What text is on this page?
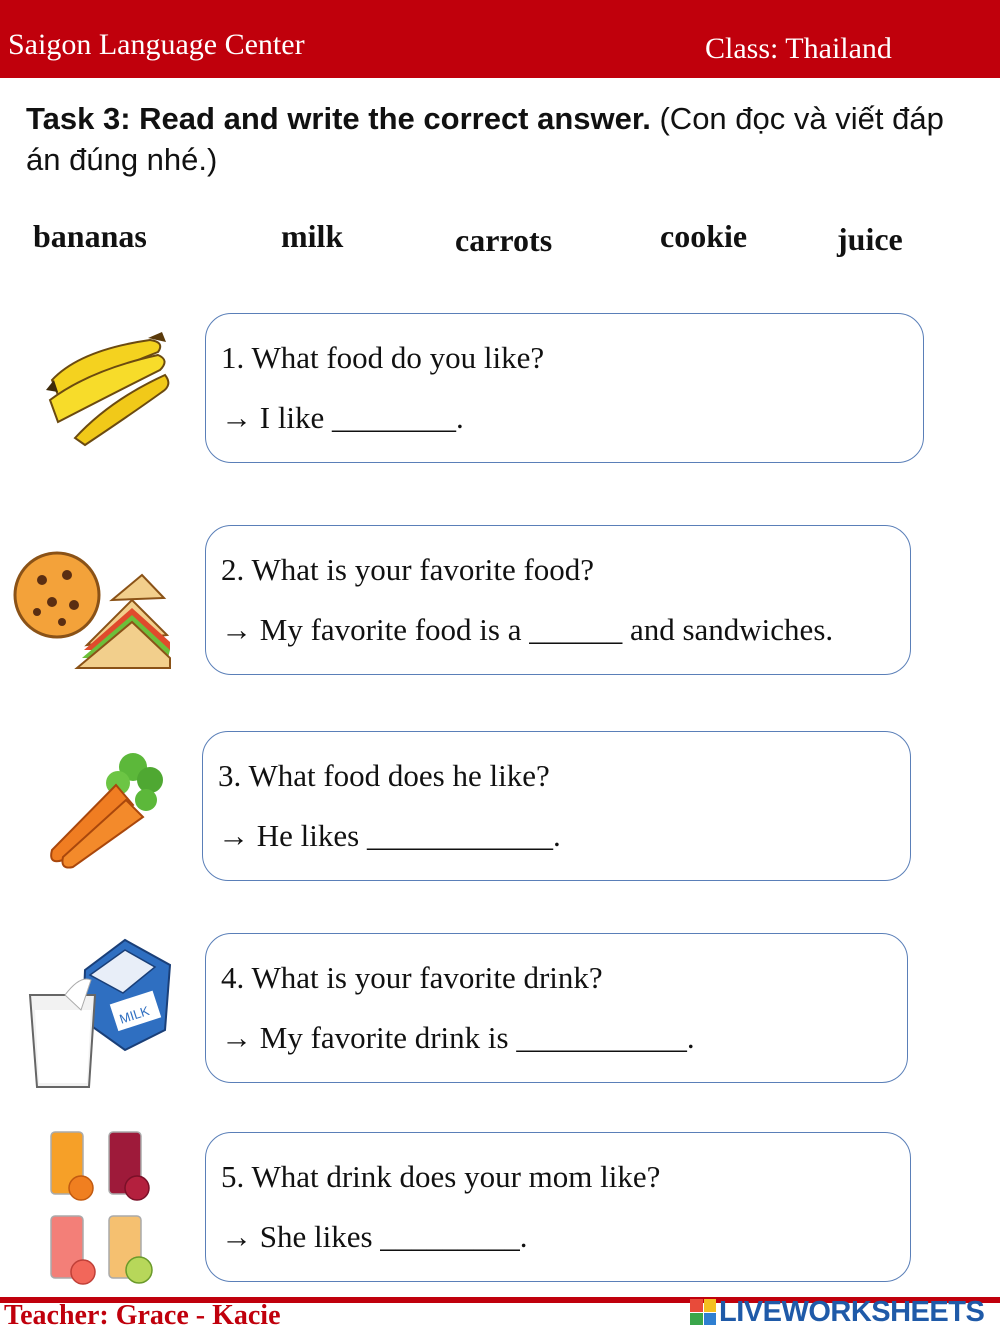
Saigon Language Center	Class: Thailand
Task 3: Read and write the correct answer. (Con đọc và viết đáp án đúng nhé.)
bananas	milk	carrots	cookie	juice
1. What food do you like?
→ I like ________.
2. What is your favorite food?
→ My favorite food is a ______ and sandwiches.
3. What food does he like?
→ He likes ____________.
MILK
4. What is your favorite drink?
→ My favorite drink is ___________.
5. What drink does your mom like?
→ She likes _________.
Teacher: Grace - Kacie	LIVEWORKSHEETS
